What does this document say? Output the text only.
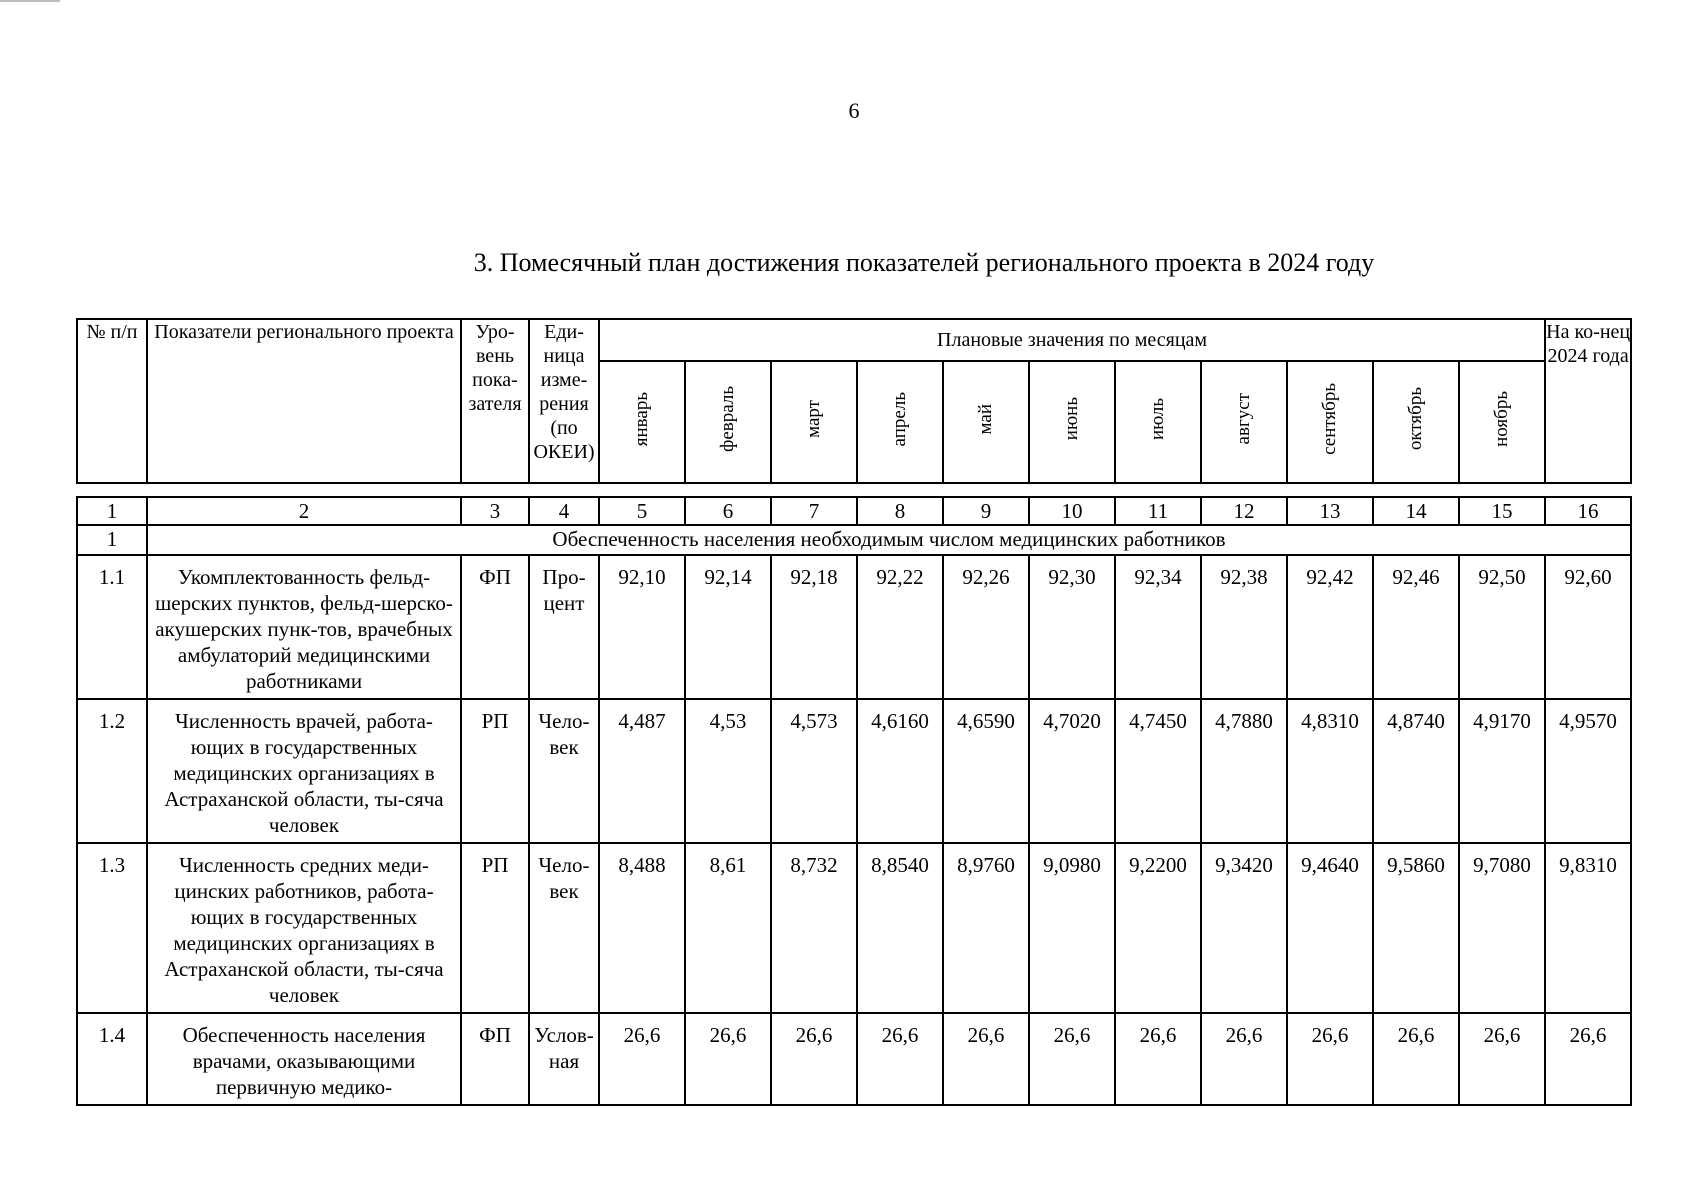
6
3. Помесячный план достижения показателей регионального проекта в 2024 году
№ п/п	Показатели регионального проекта	Уро-вень пока-зателя	Еди-ница изме-рения (по ОКЕИ)	Плановые значения по месяцам											На ко-нец 2024 года
				январь	февраль	март	апрель	май	июнь	июль	август	сентябрь	октябрь	ноябрь	
1	2	3	4	5	6	7	8	9	10	11	12	13	14	15	16
1	Обеспеченность населения необходимым числом медицинских работников														
1.1	Укомплектованность фельд-шерских пунктов, фельд-шерско-акушерских пунк-тов, врачебных амбулаторий медицинскими работниками	ФП	Про-цент	92,10	92,14	92,18	92,22	92,26	92,30	92,34	92,38	92,42	92,46	92,50	92,60
1.2	Численность врачей, работа-ющих в государственных медицинских организациях в Астраханской области, ты-сяча человек	РП	Чело-век	4,487	4,53	4,573	4,6160	4,6590	4,7020	4,7450	4,7880	4,8310	4,8740	4,9170	4,9570
1.3	Численность средних меди-цинских работников, работа-ющих в государственных медицинских организациях в Астраханской области, ты-сяча человек	РП	Чело-век	8,488	8,61	8,732	8,8540	8,9760	9,0980	9,2200	9,3420	9,4640	9,5860	9,7080	9,8310
1.4	Обеспеченность населения врачами, оказывающими первичную медико-	ФП	Услов-ная	26,6	26,6	26,6	26,6	26,6	26,6	26,6	26,6	26,6	26,6	26,6	26,6
